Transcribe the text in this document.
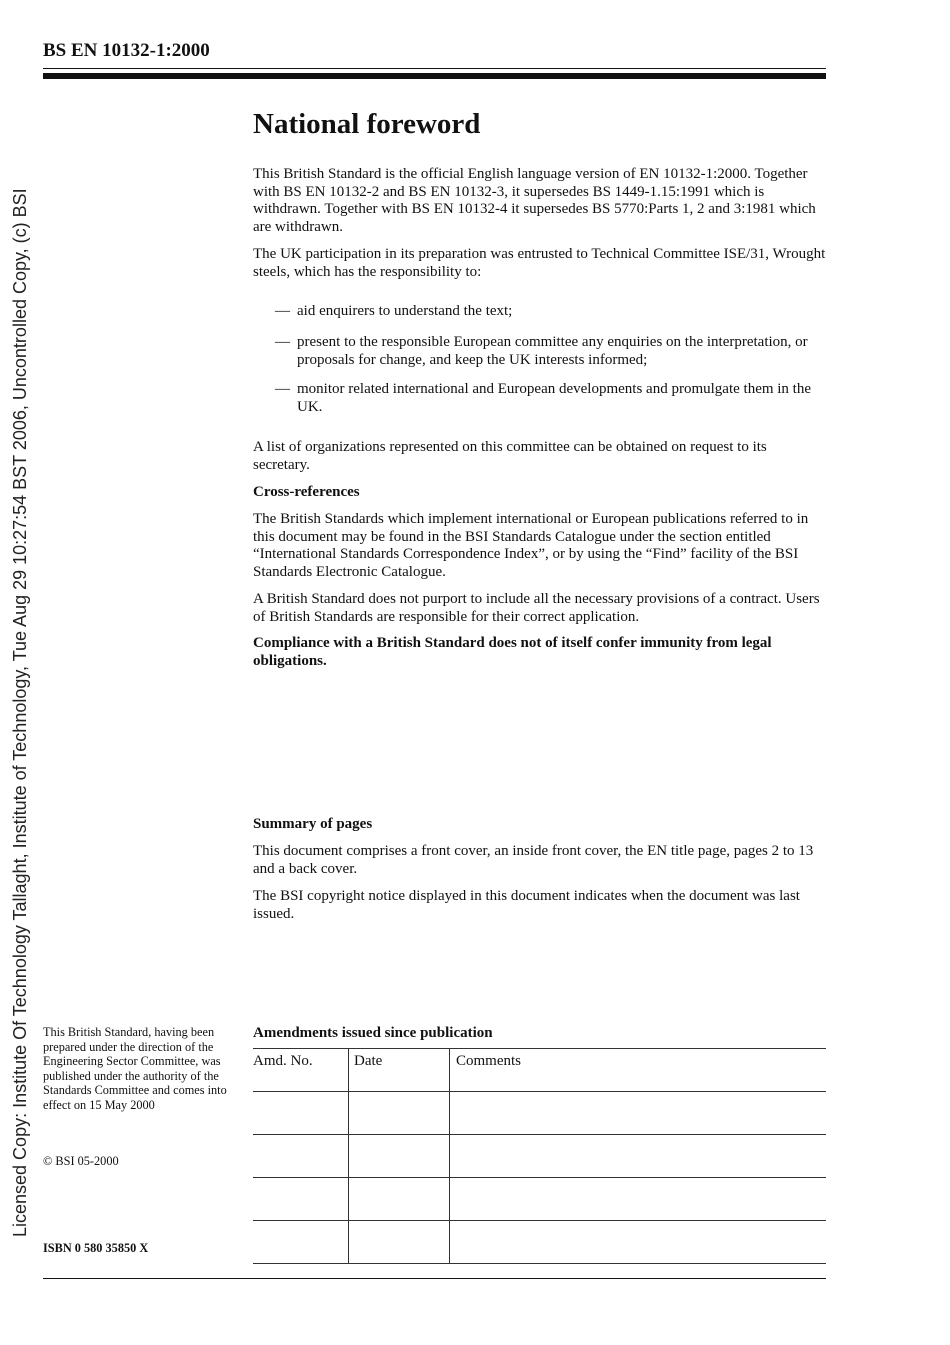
BS EN 10132-1:2000
Licensed Copy: Institute Of Technology Tallaght, Institute of Technology, Tue Aug 29 10:27:54 BST 2006, Uncontrolled Copy, (c) BSI
National foreword

This British Standard is the official English language version of EN 10132-1:2000. Together with BS EN 10132-2 and BS EN 10132-3, it supersedes BS 1449-1.15:1991 which is withdrawn. Together with BS EN 10132-4 it supersedes BS 5770:Parts 1, 2 and 3:1981 which are withdrawn.

The UK participation in its preparation was entrusted to Technical Committee ISE/31, Wrought steels, which has the responsibility to:

— aid enquirers to understand the text;
— present to the responsible European committee any enquiries on the interpretation, or proposals for change, and keep the UK interests informed;
— monitor related international and European developments and promulgate them in the UK.

A list of organizations represented on this committee can be obtained on request to its secretary.

Cross-references

The British Standards which implement international or European publications referred to in this document may be found in the BSI Standards Catalogue under the section entitled “International Standards Correspondence Index”, or by using the “Find” facility of the BSI Standards Electronic Catalogue.

A British Standard does not purport to include all the necessary provisions of a contract. Users of British Standards are responsible for their correct application.

Compliance with a British Standard does not of itself confer immunity from legal obligations.

Summary of pages

This document comprises a front cover, an inside front cover, the EN title page, pages 2 to 13 and a back cover.

The BSI copyright notice displayed in this document indicates when the document was last issued.

This British Standard, having been prepared under the direction of the Engineering Sector Committee, was published under the authority of the Standards Committee and comes into effect on 15 May 2000
© BSI 05-2000
ISBN 0 580 35850 X
Amendments issued since publication
Amd. No.	Date	Comments
